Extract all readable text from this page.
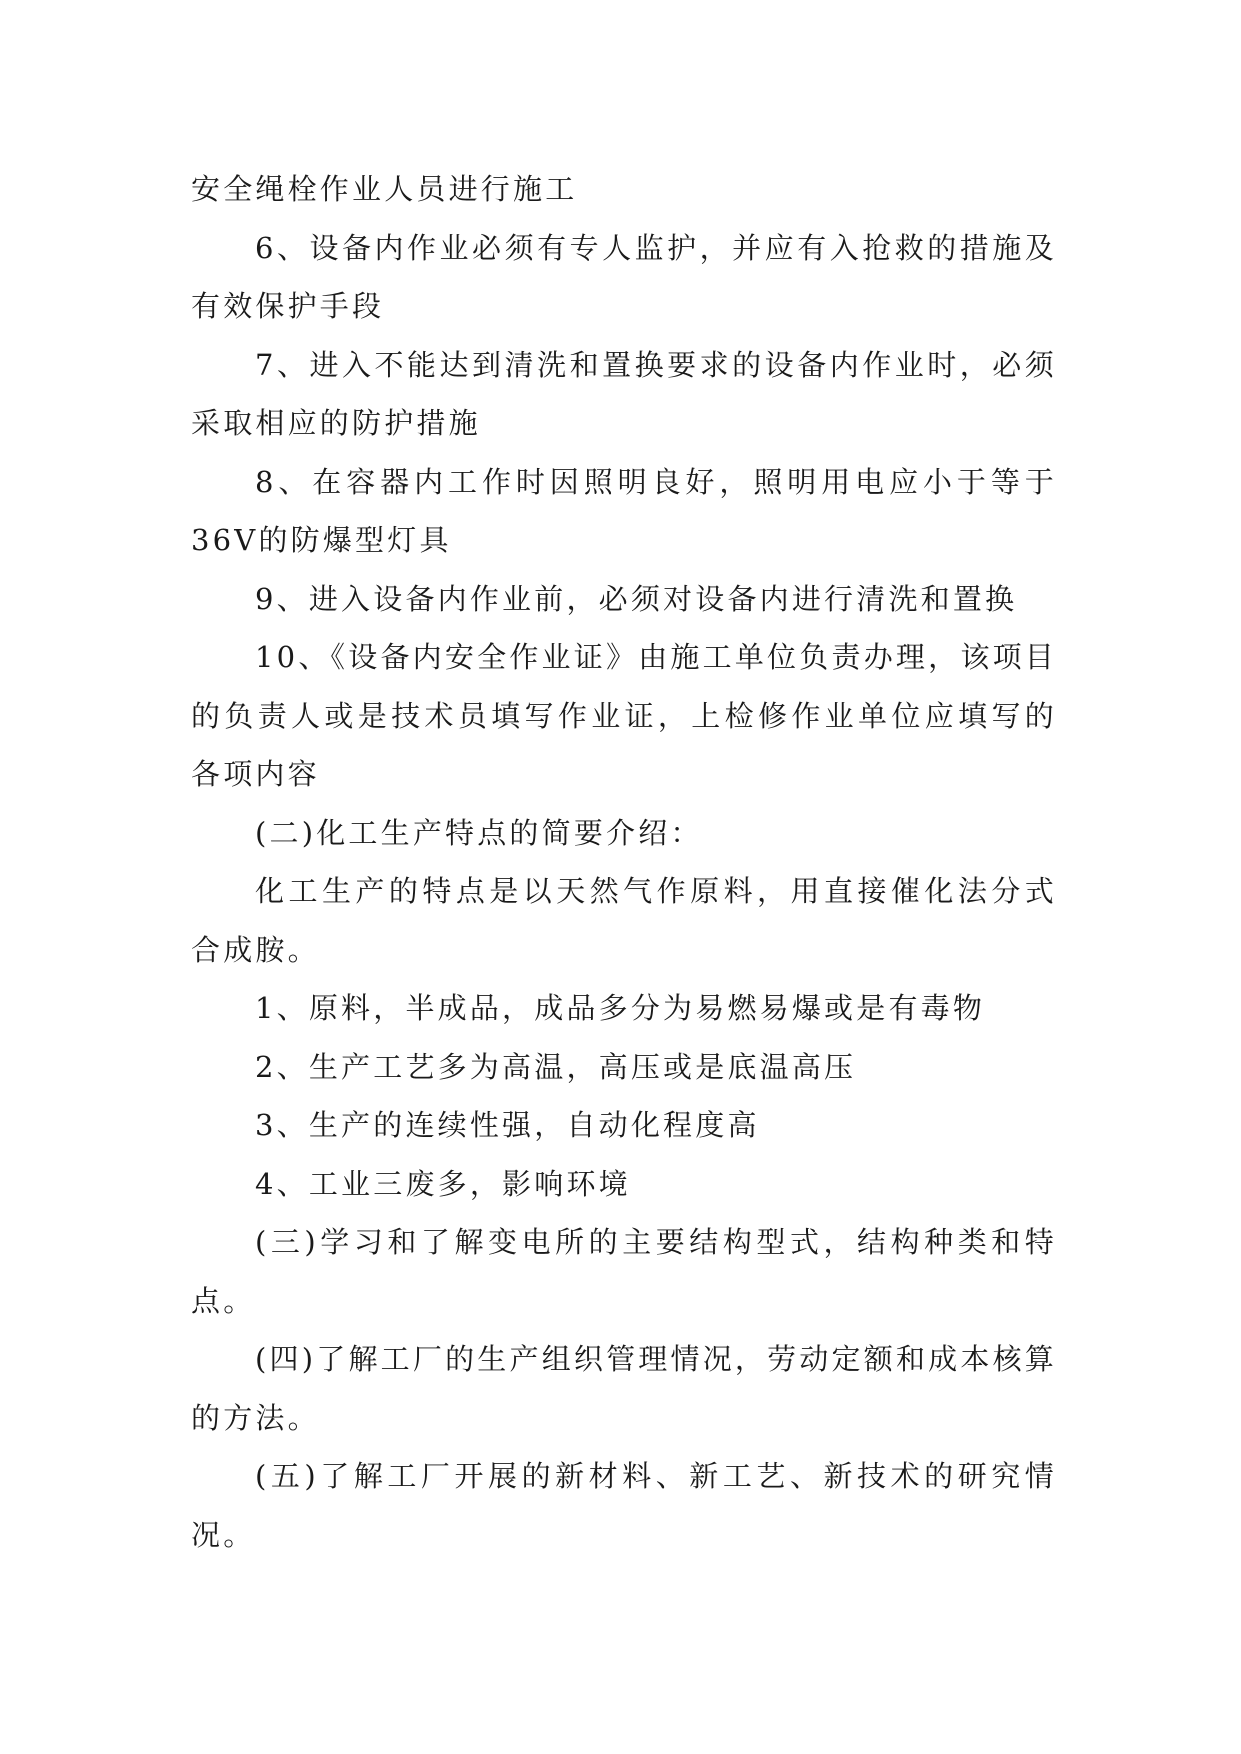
安全绳栓作业人员进行施工

6、设备内作业必须有专人监护，并应有入抢救的措施及有效保护手段

7、进入不能达到清洗和置换要求的设备内作业时，必须采取相应的防护措施

8、在容器内工作时因照明良好，照明用电应小于等于36V的防爆型灯具

9、进入设备内作业前，必须对设备内进行清洗和置换

10、《设备内安全作业证》由施工单位负责办理，该项目的负责人或是技术员填写作业证，上检修作业单位应填写的各项内容

(二)化工生产特点的简要介绍：

化工生产的特点是以天然气作原料，用直接催化法分式合成胺。

1、原料，半成品，成品多分为易燃易爆或是有毒物

2、生产工艺多为高温，高压或是底温高压

3、生产的连续性强，自动化程度高

4、工业三废多，影响环境

(三)学习和了解变电所的主要结构型式，结构种类和特点。

(四)了解工厂的生产组织管理情况，劳动定额和成本核算的方法。

(五)了解工厂开展的新材料、新工艺、新技术的研究情况。
